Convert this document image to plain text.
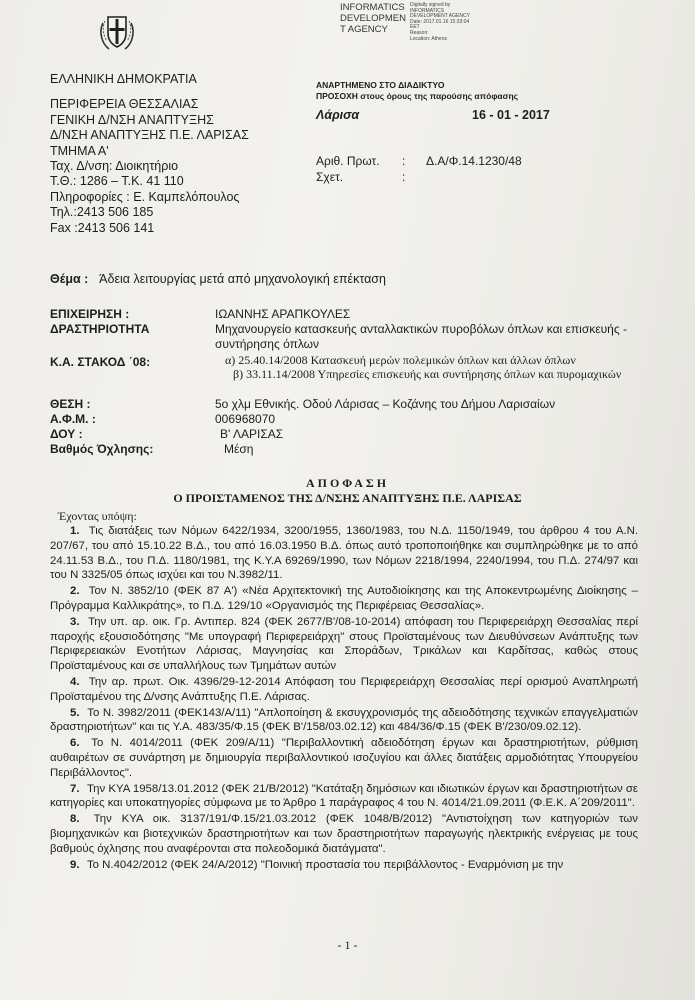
INFORMATICS
DEVELOPMEN
T AGENCY
Digitally signed by
INFORMATICS
DEVELOPMENT AGENCY
Date: 2017.01.16 15:33:04
EET
Reason:
Location: Athens
ΕΛΛΗΝΙΚΗ ΔΗΜΟΚΡΑΤΙΑ
ΠΕΡΙΦΕΡΕΙΑ ΘΕΣΣΑΛΙΑΣ
ΓΕΝΙΚΗ Δ/ΝΣΗ ΑΝΑΠΤΥΞΗΣ
Δ/ΝΣΗ ΑΝΑΠΤΥΞΗΣ Π.Ε. ΛΑΡΙΣΑΣ
ΤΜΗΜΑ Α'
Ταχ. Δ/νση: Διοικητήριο
Τ.Θ.: 1286 – Τ.Κ. 41 110
Πληροφορίες : Ε. Καμπελόπουλος
Τηλ.:2413 506 185
Fax :2413 506 141
ΑΝΑΡΤΗΜΕΝΟ ΣΤΟ ΔΙΑΔΙΚΤΥΟ
ΠΡΟΣΟΧΗ στους όρους της παρούσης απόφασης
Λάρισα	16 - 01 - 2017
Αριθ. Πρωτ. : Δ.Α/Φ.14.1230/48
Σχετ.	:
Θέμα : Άδεια λειτουργίας μετά από μηχανολογική επέκταση
ΕΠΙΧΕΙΡΗΣΗ :	ΙΩΑΝΝΗΣ ΑΡΑΠΚΟΥΛΕΣ
ΔΡΑΣΤΗΡΙΟΤΗΤΑ	Μηχανουργείο κατασκευής ανταλλακτικών πυροβόλων όπλων και επισκευής - συντήρησης όπλων
Κ.Α. ΣΤΑΚΟΔ ΄08:	α) 25.40.14/2008 Κατασκευή μερών πολεμικών όπλων και άλλων όπλων
β) 33.11.14/2008 Υπηρεσίες επισκευής και συντήρησης όπλων και πυρομαχικών
ΘΕΣΗ :	5ο χλμ Εθνικής. Οδού Λάρισας – Κοζάνης του Δήμου Λαρισαίων
Α.Φ.Μ. :	006968070
ΔΟΥ :	Β' ΛΑΡΙΣΑΣ
Βαθμός Όχλησης:	Μέση
ΑΠΟΦΑΣΗ
Ο ΠΡΟΙΣΤΑΜΕΝΟΣ ΤΗΣ Δ/ΝΣΗΣ ΑΝΑΠΤΥΞΗΣ Π.Ε. ΛΑΡΙΣΑΣ
Έχοντας υπόψη:

1. Τις διατάξεις των Νόμων 6422/1934, 3200/1955, 1360/1983, του Ν.Δ. 1150/1949, του άρθρου 4 του Α.Ν. 207/67, του από 15.10.22 Β.Δ., του από 16.03.1950 Β.Δ. όπως αυτό τροποποιήθηκε και συμπληρώθηκε με το από 24.11.53 Β.Δ., του Π.Δ. 1180/1981, της Κ.Υ.Α 69269/1990, των Νόμων 2218/1994, 2240/1994, του Π.Δ. 274/97 και του Ν 3325/05 όπως ισχύει και του Ν.3982/11.

2. Τον Ν. 3852/10 (ΦΕΚ 87 Α') «Νέα Αρχιτεκτονική της Αυτοδιοίκησης και της Αποκεντρωμένης Διοίκησης – Πρόγραμμα Καλλικράτης», το Π.Δ. 129/10 «Οργανισμός της Περιφέρειας Θεσσαλίας».

3. Την υπ. αρ. οικ. Γρ. Αντιπερ. 824 (ΦΕΚ 2677/Β'/08-10-2014) απόφαση του Περιφερειάρχη Θεσσαλίας περί παροχής εξουσιοδότησης "Με υπογραφή Περιφερειάρχη" στους Προϊσταμένους των Διευθύνσεων Ανάπτυξης των Περιφερειακών Ενοτήτων Λάρισας, Μαγνησίας και Σποράδων, Τρικάλων και Καρδίτσας, καθώς στους Προϊσταμένους και σε υπαλλήλους των Τμημάτων αυτών

4. Την αρ. πρωτ. Οικ. 4396/29-12-2014 Απόφαση του Περιφερειάρχη Θεσσαλίας περί ορισμού Αναπληρωτή Προϊσταμένου της Δ/νσης Ανάπτυξης Π.Ε. Λάρισας.

5. Το Ν. 3982/2011 (ΦΕΚ143/Α/11) "Απλοποίηση & εκσυγχρονισμός της αδειοδότησης τεχνικών επαγγελματιών δραστηριοτήτων" και τις Υ.Α. 483/35/Φ.15 (ΦΕΚ Β'/158/03.02.12) και 484/36/Φ.15 (ΦΕΚ Β'/230/09.02.12).

6. Το Ν. 4014/2011 (ΦΕΚ 209/Α/11) "Περιβαλλοντική αδειοδότηση έργων και δραστηριοτήτων, ρύθμιση αυθαιρέτων σε συνάρτηση με δημιουργία περιβαλλοντικού ισοζυγίου και άλλες διατάξεις αρμοδιότητας Υπουργείου Περιβάλλοντος".

7. Την ΚΥΑ 1958/13.01.2012 (ΦΕΚ 21/Β/2012) "Κατάταξη δημόσιων και ιδιωτικών έργων και δραστηριοτήτων σε κατηγορίες και υποκατηγορίες σύμφωνα με το Άρθρο 1 παράγραφος 4 του Ν. 4014/21.09.2011 (Φ.Ε.Κ. Α΄209/2011".

8. Την ΚΥΑ οικ. 3137/191/Φ.15/21.03.2012 (ΦΕΚ 1048/Β/2012) "Αντιστοίχηση των κατηγοριών των βιομηχανικών και βιοτεχνικών δραστηριοτήτων και των δραστηριοτήτων παραγωγής ηλεκτρικής ενέργειας με τους βαθμούς όχλησης που αναφέρονται στα πολεοδομικά διατάγματα".

9. Το Ν.4042/2012 (ΦΕΚ 24/Α/2012) "Ποινική προστασία του περιβάλλοντος - Εναρμόνιση με την

- 1 -
